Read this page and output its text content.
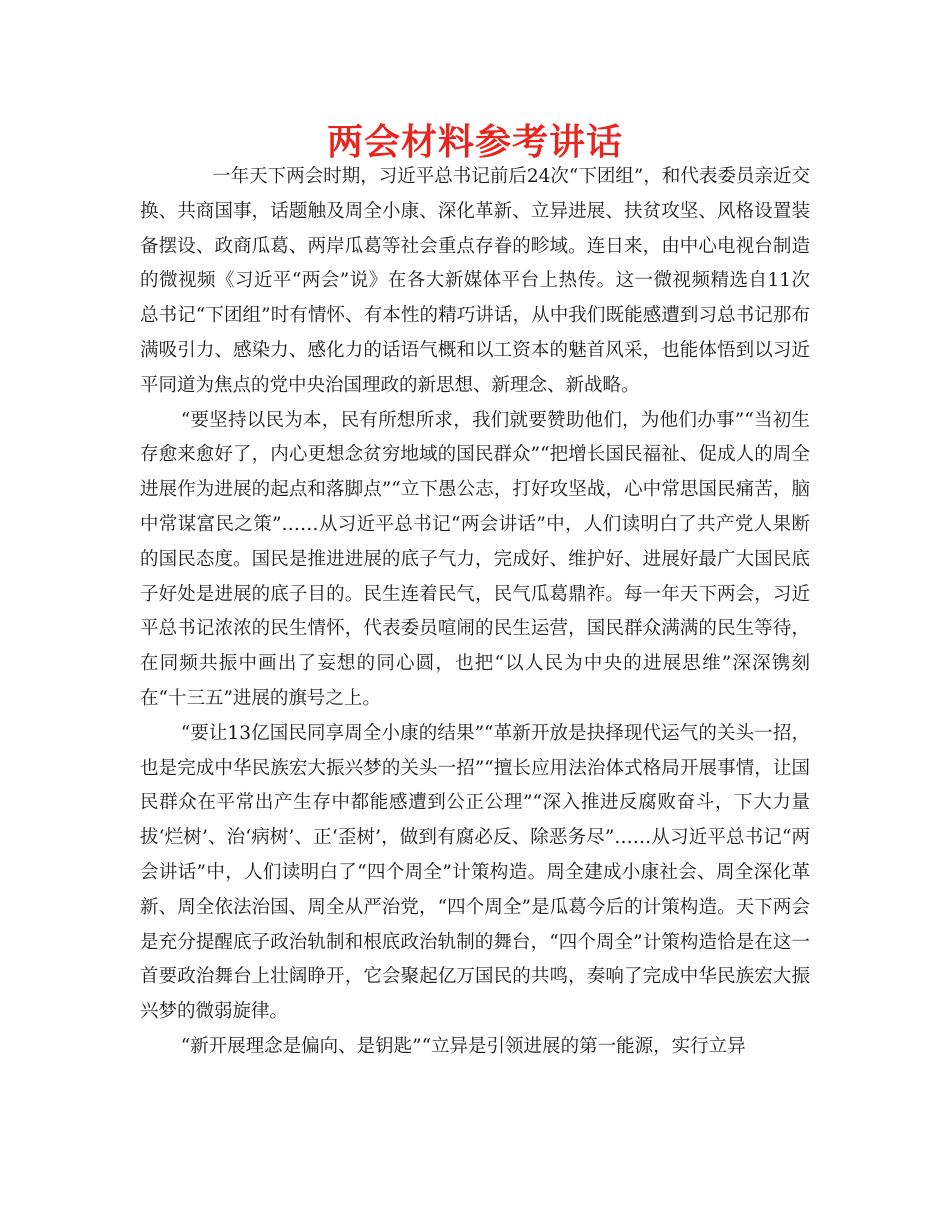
两会材料参考讲话

一年天下两会时期，习近平总书记前后24次“下团组”，和代表委员亲近交换、共商国事，话题触及周全小康、深化革新、立异进展、扶贫攻坚、风格设置装备摆设、政商瓜葛、两岸瓜葛等社会重点存眷的畛域。连日来，由中心电视台制造的微视频《习近平“两会”说》在各大新媒体平台上热传。这一微视频精选自11次总书记“下团组”时有情怀、有本性的精巧讲话，从中我们既能感遭到习总书记那布满吸引力、感染力、感化力的话语气概和以工资本的魅首风采，也能体悟到以习近平同道为焦点的党中央治国理政的新思想、新理念、新战略。

“要坚持以民为本，民有所想所求，我们就要赞助他们，为他们办事”“当初生存愈来愈好了，内心更想念贫穷地域的国民群众”“把增长国民福祉、促成人的周全进展作为进展的起点和落脚点”“立下愚公志，打好攻坚战，心中常思国民痛苦，脑中常谋富民之策”……从习近平总书记“两会讲话”中，人们读明白了共产党人果断的国民态度。国民是推进进展的底子气力，完成好、维护好、进展好最广大国民底子好处是进展的底子目的。民生连着民气，民气瓜葛鼎祚。每一年天下两会，习近平总书记浓浓的民生情怀，代表委员喧闹的民生运营，国民群众满满的民生等待，在同频共振中画出了妄想的同心圆，也把“以人民为中央的进展思维”深深镌刻在“十三五”进展的旗号之上。

“要让13亿国民同享周全小康的结果”“革新开放是抉择现代运气的关头一招，也是完成中华民族宏大振兴梦的关头一招”“擅长应用法治体式格局开展事情，让国民群众在平常出产生存中都能感遭到公正公理”“深入推进反腐败奋斗，下大力量拔‘烂树’、治‘病树’、正‘歪树’，做到有腐必反、除恶务尽”……从习近平总书记“两会讲话”中，人们读明白了“四个周全”计策构造。周全建成小康社会、周全深化革新、周全依法治国、周全从严治党，“四个周全”是瓜葛今后的计策构造。天下两会是充分提醒底子政治轨制和根底政治轨制的舞台，“四个周全”计策构造恰是在这一首要政治舞台上壮阔睁开，它会聚起亿万国民的共鸣，奏响了完成中华民族宏大振兴梦的微弱旋律。

“新开展理念是偏向、是钥匙”“立异是引领进展的第一能源，实行立异
